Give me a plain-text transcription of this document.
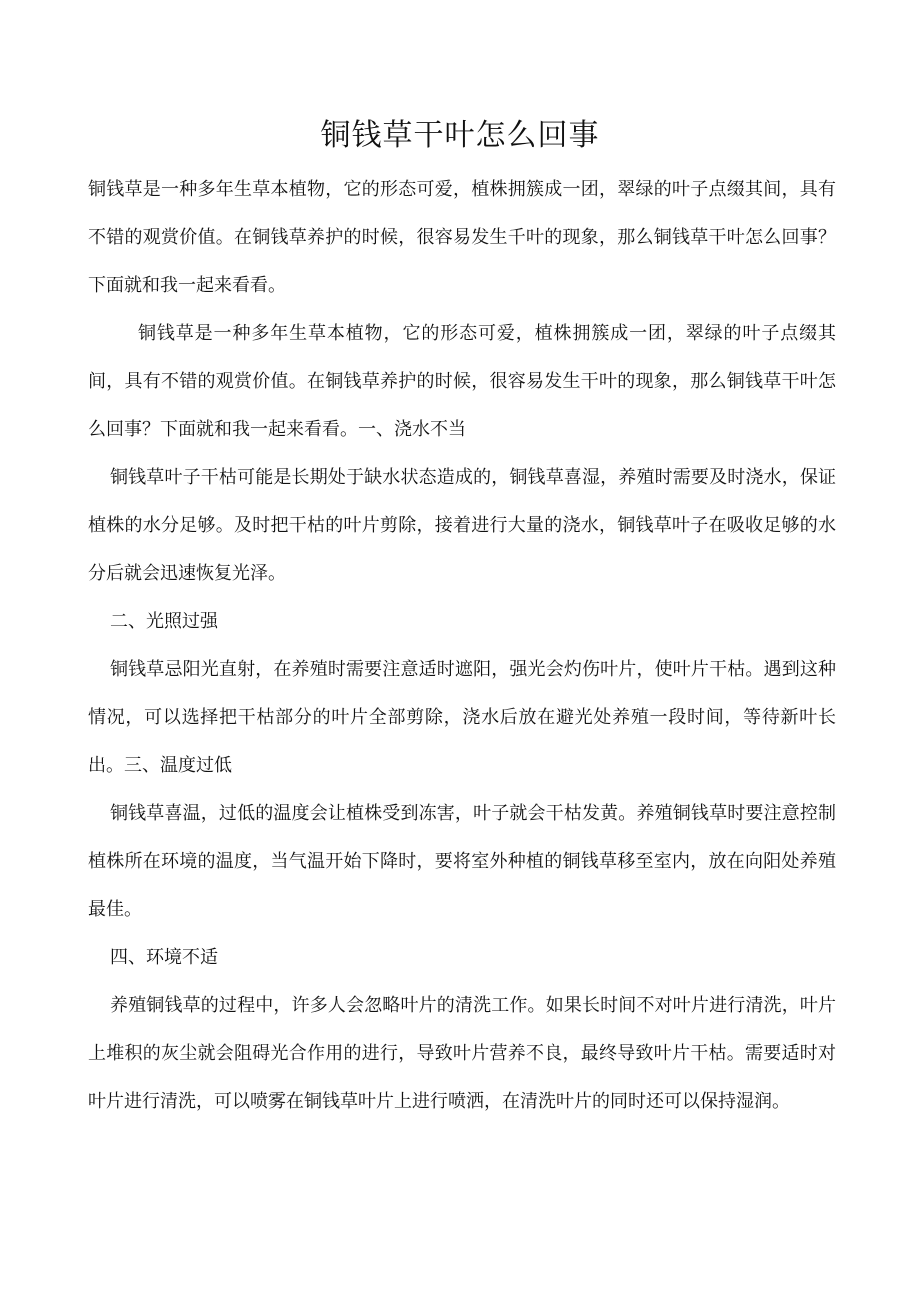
铜钱草干叶怎么回事

铜钱草是一种多年生草本植物，它的形态可爱，植株拥簇成一团，翠绿的叶子点缀其间，具有不错的观赏价值。在铜钱草养护的时候，很容易发生千叶的现象，那么铜钱草干叶怎么回事？下面就和我一起来看看。

铜钱草是一种多年生草本植物，它的形态可爱，植株拥簇成一团，翠绿的叶子点缀其间，具有不错的观赏价值。在铜钱草养护的时候，很容易发生干叶的现象，那么铜钱草干叶怎么回事？下面就和我一起来看看。一、浇水不当

铜钱草叶子干枯可能是长期处于缺水状态造成的，铜钱草喜湿，养殖时需要及时浇水，保证植株的水分足够。及时把干枯的叶片剪除，接着进行大量的浇水，铜钱草叶子在吸收足够的水分后就会迅速恢复光泽。

二、光照过强

铜钱草忌阳光直射，在养殖时需要注意适时遮阳，强光会灼伤叶片，使叶片干枯。遇到这种情况，可以选择把干枯部分的叶片全部剪除，浇水后放在避光处养殖一段时间，等待新叶长出。三、温度过低

铜钱草喜温，过低的温度会让植株受到冻害，叶子就会干枯发黄。养殖铜钱草时要注意控制植株所在环境的温度，当气温开始下降时，要将室外种植的铜钱草移至室内，放在向阳处养殖最佳。

四、环境不适

养殖铜钱草的过程中，许多人会忽略叶片的清洗工作。如果长时间不对叶片进行清洗，叶片上堆积的灰尘就会阻碍光合作用的进行，导致叶片营养不良，最终导致叶片干枯。需要适时对叶片进行清洗，可以喷雾在铜钱草叶片上进行喷洒，在清洗叶片的同时还可以保持湿润。
